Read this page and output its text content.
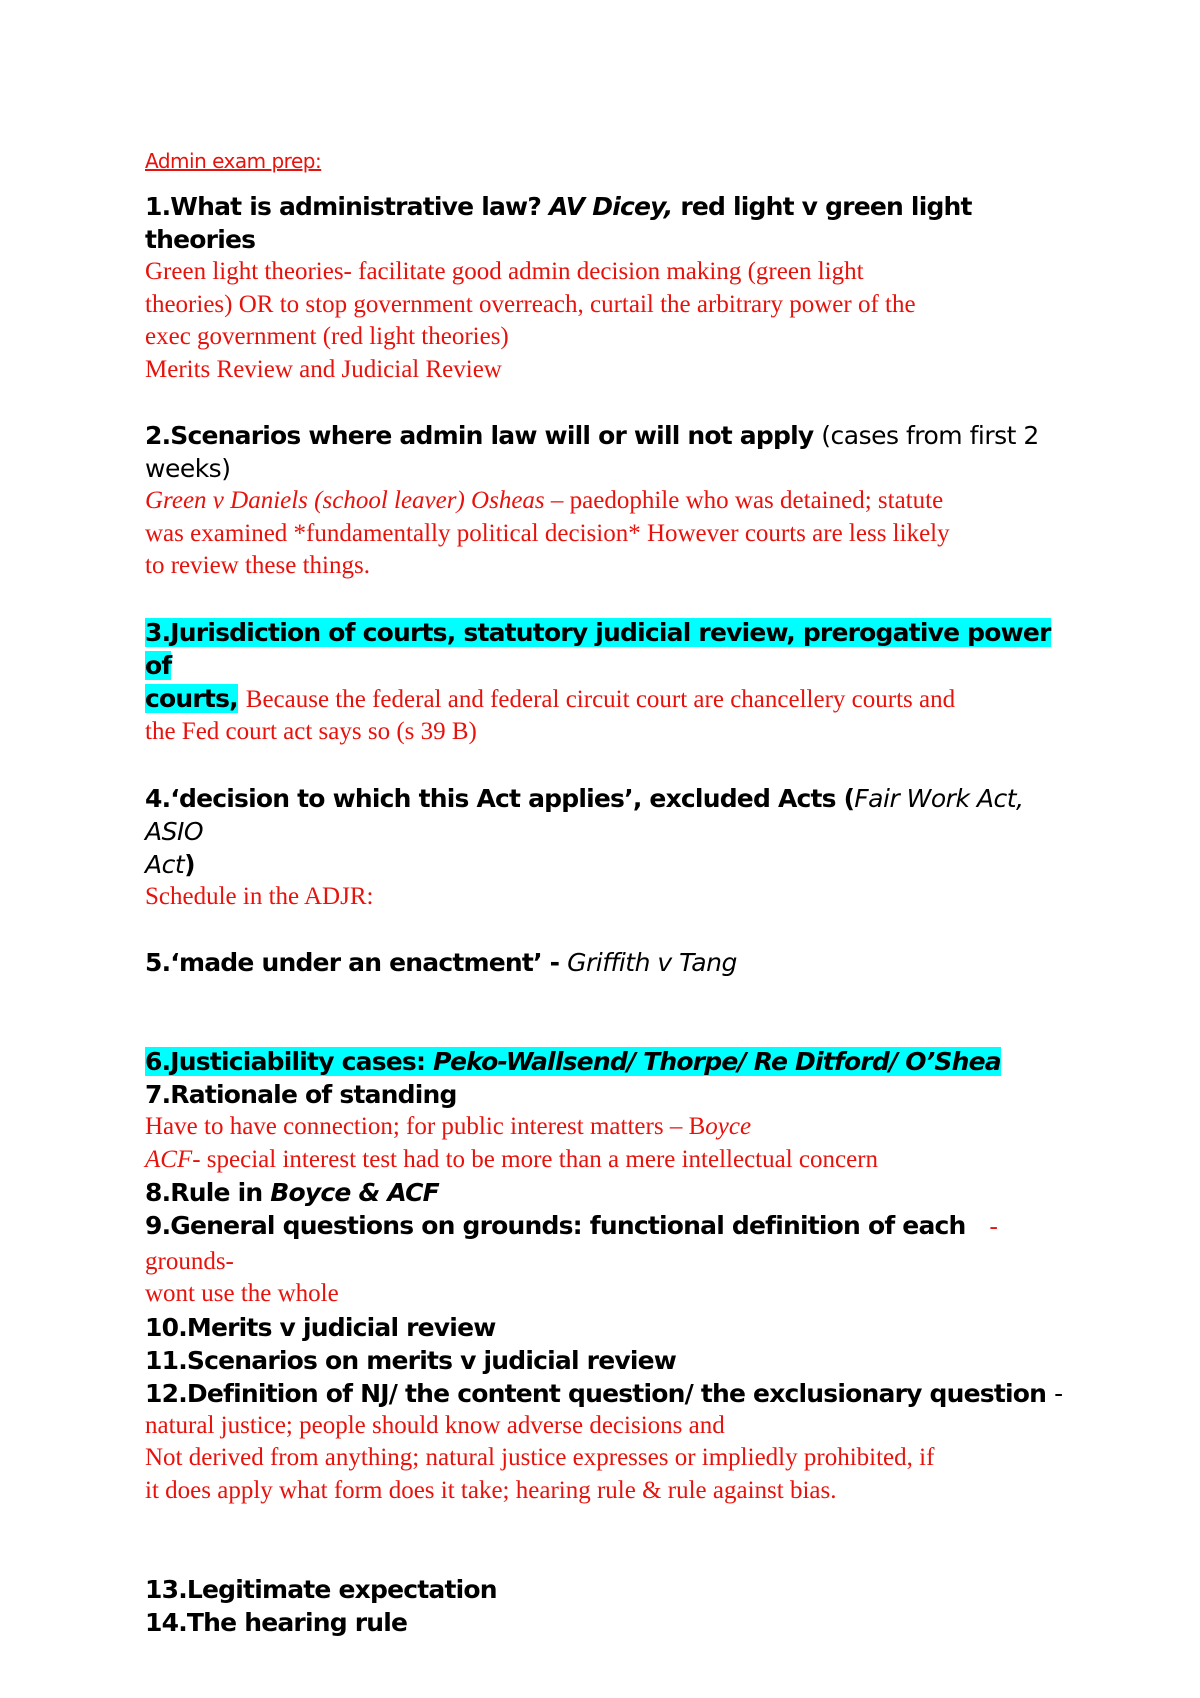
Admin exam prep:
1.What is administrative law? AV Dicey, red light v green light theories
Green light theories- facilitate good admin decision making (green light
theories) OR to stop government overreach, curtail the arbitrary power of the
exec government (red light theories)
Merits Review and Judicial Review
2.Scenarios where admin law will or will not apply (cases from first 2
weeks)
Green v Daniels (school leaver) Osheas – paedophile who was detained; statute
was examined *fundamentally political decision* However courts are less likely
to review these things.
3.Jurisdiction of courts, statutory judicial review, prerogative power of
courts, Because the federal and federal circuit court are chancellery courts and
the Fed court act says so (s 39 B)
4.‘decision to which this Act applies’, excluded Acts (Fair Work Act, ASIO
Act)
Schedule in the ADJR:
5.‘made under an enactment’ - Griffith v Tang
6.Justiciability cases: Peko-Wallsend/ Thorpe/ Re Ditford/ O’Shea
7.Rationale of standing
Have to have connection; for public interest matters – Boyce
ACF- special interest test had to be more than a mere intellectual concern
8.Rule in Boyce & ACF
9.General questions on grounds: functional definition of each - grounds-
wont use the whole
10.Merits v judicial review
11.Scenarios on merits v judicial review
12.Definition of NJ/ the content question/ the exclusionary question -
natural justice; people should know adverse decisions and
Not derived from anything; natural justice expresses or impliedly prohibited, if
it does apply what form does it take; hearing rule & rule against bias.
13.Legitimate expectation
14.The hearing rule
